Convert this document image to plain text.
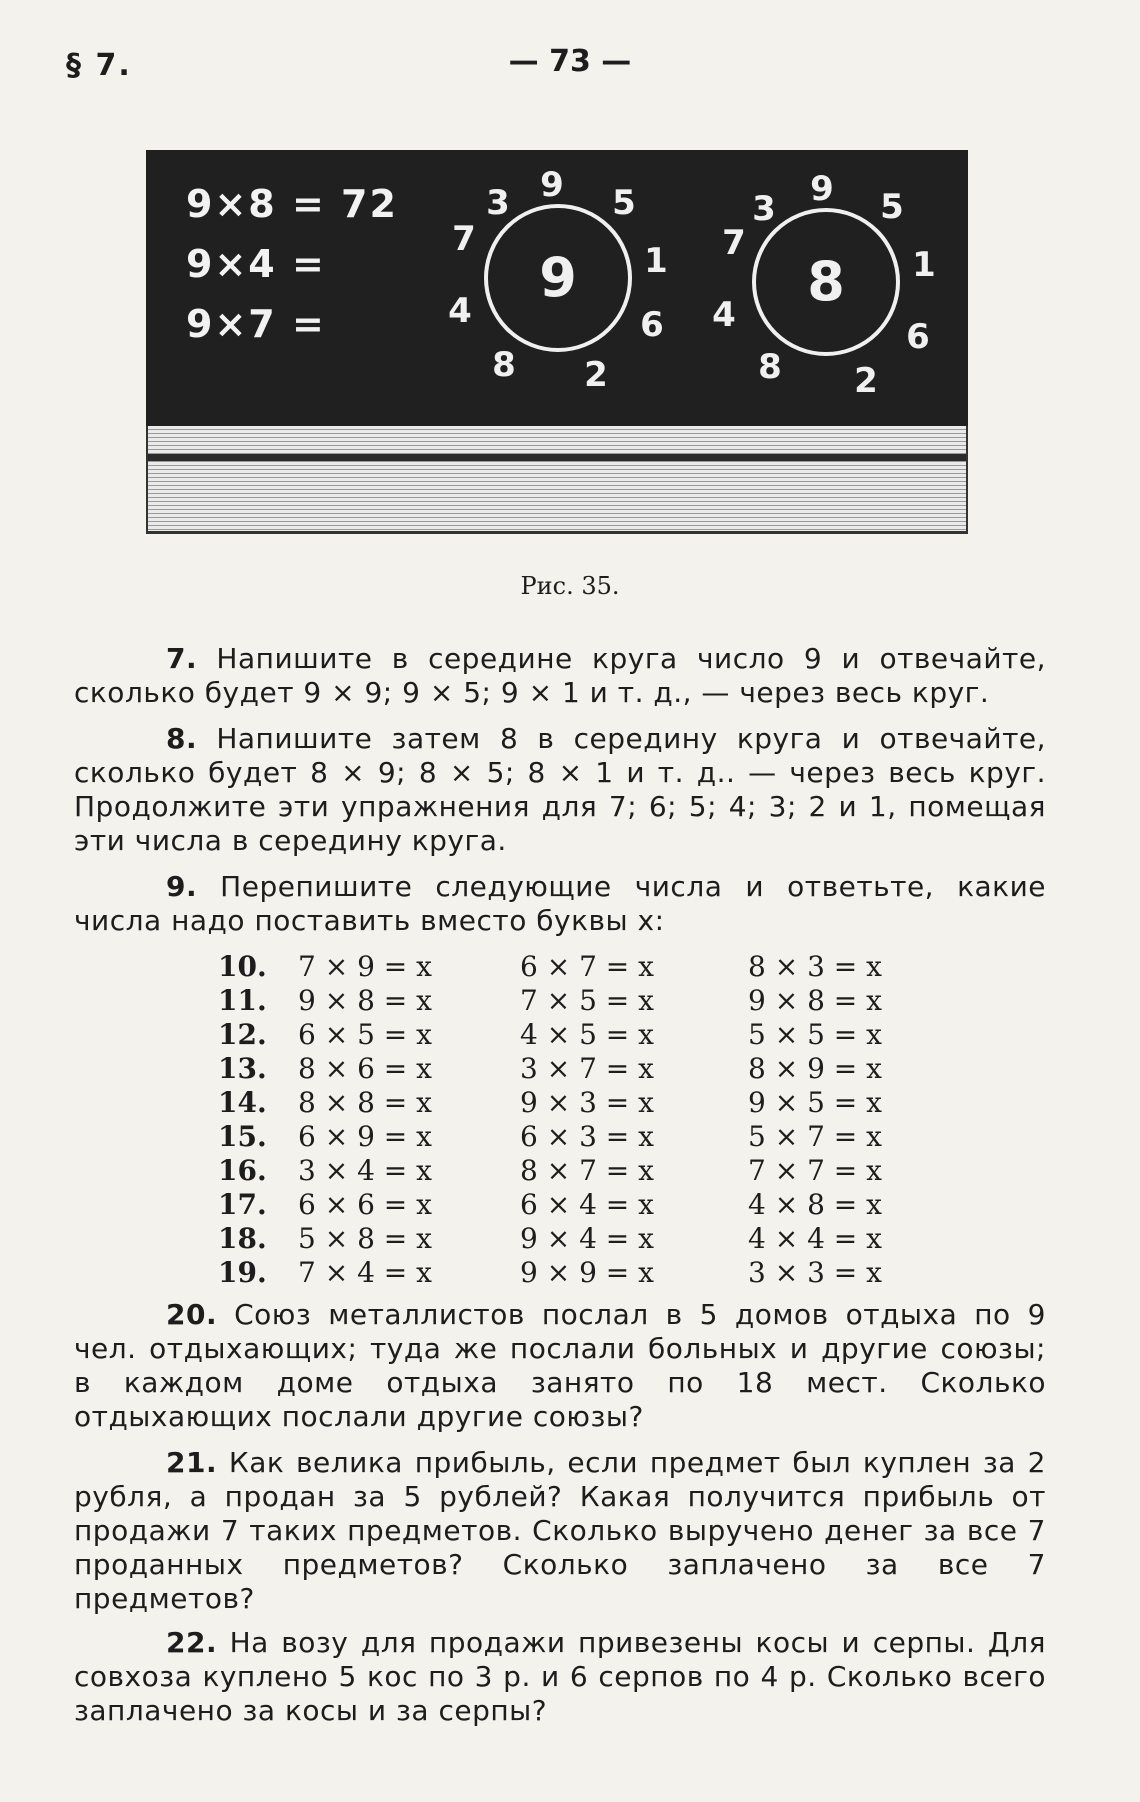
§ 7.	— 73 —
9×8 = 72
9×4 =
9×7 =
9
3 9 5
7
1
4	6
8 2
8
3 9 5
7
1
4
6
8 2
Рис. 35.
7. Напишите в середине круга число 9 и отвечайте, сколько будет 9 × 9; 9 × 5; 9 × 1 и т. д., — через весь круг.
8. Напишите затем 8 в середину круга и отвечайте, сколько будет 8 × 9; 8 × 5; 8 × 1 и т. д.. — через весь круг. Продолжите эти упражнения для 7; 6; 5; 4; 3; 2 и 1, помещая эти числа в середину круга.
9. Перепишите следующие числа и ответьте, какие числа надо поставить вместо буквы x:
10. 7 × 9 = x	6 × 7 = x	8 × 3 = x
11. 9 × 8 = x	7 × 5 = x	9 × 8 = x
12. 6 × 5 = x	4 × 5 = x	5 × 5 = x
13. 8 × 6 = x	3 × 7 = x	8 × 9 = x
14. 8 × 8 = x	9 × 3 = x	9 × 5 = x
15. 6 × 9 = x	6 × 3 = x	5 × 7 = x
16. 3 × 4 = x	8 × 7 = x	7 × 7 = x
17. 6 × 6 = x	6 × 4 = x	4 × 8 = x
18. 5 × 8 = x	9 × 4 = x	4 × 4 = x
19. 7 × 4 = x	9 × 9 = x	3 × 3 = x
20. Союз металлистов послал в 5 домов отдыха по 9 чел. отдыхающих; туда же послали больных и другие союзы; в каждом доме отдыха занято по 18 мест. Сколько отдыхающих послали другие союзы?
21. Как велика прибыль, если предмет был куплен за 2 рубля, а продан за 5 рублей? Какая получится прибыль от продажи 7 таких предметов. Сколько выручено денег за все 7 проданных предметов? Сколько заплачено за все 7 предметов?
22. На возу для продажи привезены косы и серпы. Для совхоза куплено 5 кос по 3 р. и 6 серпов по 4 р. Сколько всего заплачено за косы и за серпы?
